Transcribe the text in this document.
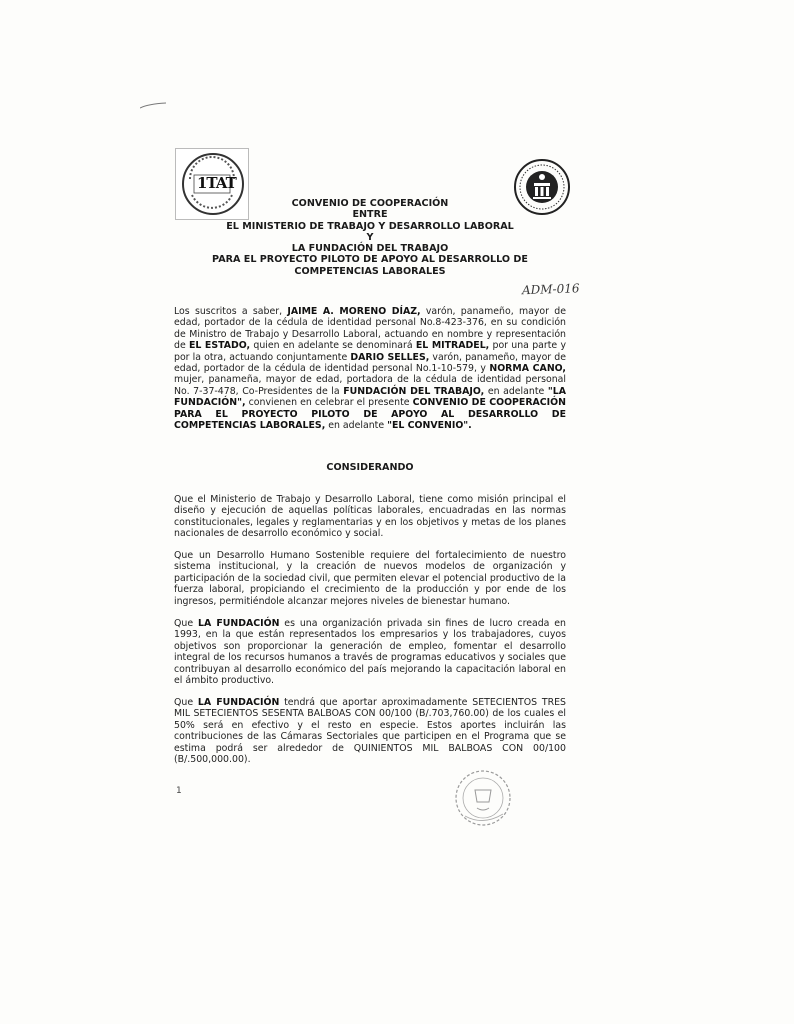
1TAT
CONVENIO DE COOPERACIÓN
ENTRE
EL MINISTERIO DE TRABAJO Y DESARROLLO LABORAL
Y
LA FUNDACIÓN DEL TRABAJO
PARA EL PROYECTO PILOTO DE APOYO AL DESARROLLO DE
COMPETENCIAS LABORALES
ADM-016
Los suscritos a saber, JAIME A. MORENO DÍAZ, varón, panameño, mayor de edad, portador de la cédula de identidad personal No.8-423-376, en su condición de Ministro de Trabajo y Desarrollo Laboral, actuando en nombre y representación de EL ESTADO, quien en adelante se denominará EL MITRADEL, por una parte y por la otra, actuando conjuntamente DARIO SELLES, varón, panameño, mayor de edad, portador de la cédula de identidad personal No.1-10-579, y NORMA CANO, mujer, panameña, mayor de edad, portadora de la cédula de identidad personal No. 7-37-478, Co-Presidentes de la FUNDACIÓN DEL TRABAJO, en adelante "LA FUNDACIÓN", convienen en celebrar el presente CONVENIO DE COOPERACIÓN PARA EL PROYECTO PILOTO DE APOYO AL DESARROLLO DE COMPETENCIAS LABORALES, en adelante "EL CONVENIO".
CONSIDERANDO
Que el Ministerio de Trabajo y Desarrollo Laboral, tiene como misión principal el diseño y ejecución de aquellas políticas laborales, encuadradas en las normas constitucionales, legales y reglamentarias y en los objetivos y metas de los planes nacionales de desarrollo económico y social.
Que un Desarrollo Humano Sostenible requiere del fortalecimiento de nuestro sistema institucional, y la creación de nuevos modelos de organización y participación de la sociedad civil, que permiten elevar el potencial productivo de la fuerza laboral, propiciando el crecimiento de la producción y por ende de los ingresos, permitiéndole alcanzar mejores niveles de bienestar humano.
Que LA FUNDACIÓN es una organización privada sin fines de lucro creada en 1993, en la que están representados los empresarios y los trabajadores, cuyos objetivos son proporcionar la generación de empleo, fomentar el desarrollo integral de los recursos humanos a través de programas educativos y sociales que contribuyan al desarrollo económico del país mejorando la capacitación laboral en el ámbito productivo.
Que LA FUNDACIÓN tendrá que aportar aproximadamente SETECIENTOS TRES MIL SETECIENTOS SESENTA BALBOAS CON 00/100 (B/.703,760.00) de los cuales el 50% será en efectivo y el resto en especie. Estos aportes incluirán las contribuciones de las Cámaras Sectoriales que participen en el Programa que se estima podrá ser alrededor de QUINIENTOS MIL BALBOAS CON 00/100 (B/.500,000.00).
1
